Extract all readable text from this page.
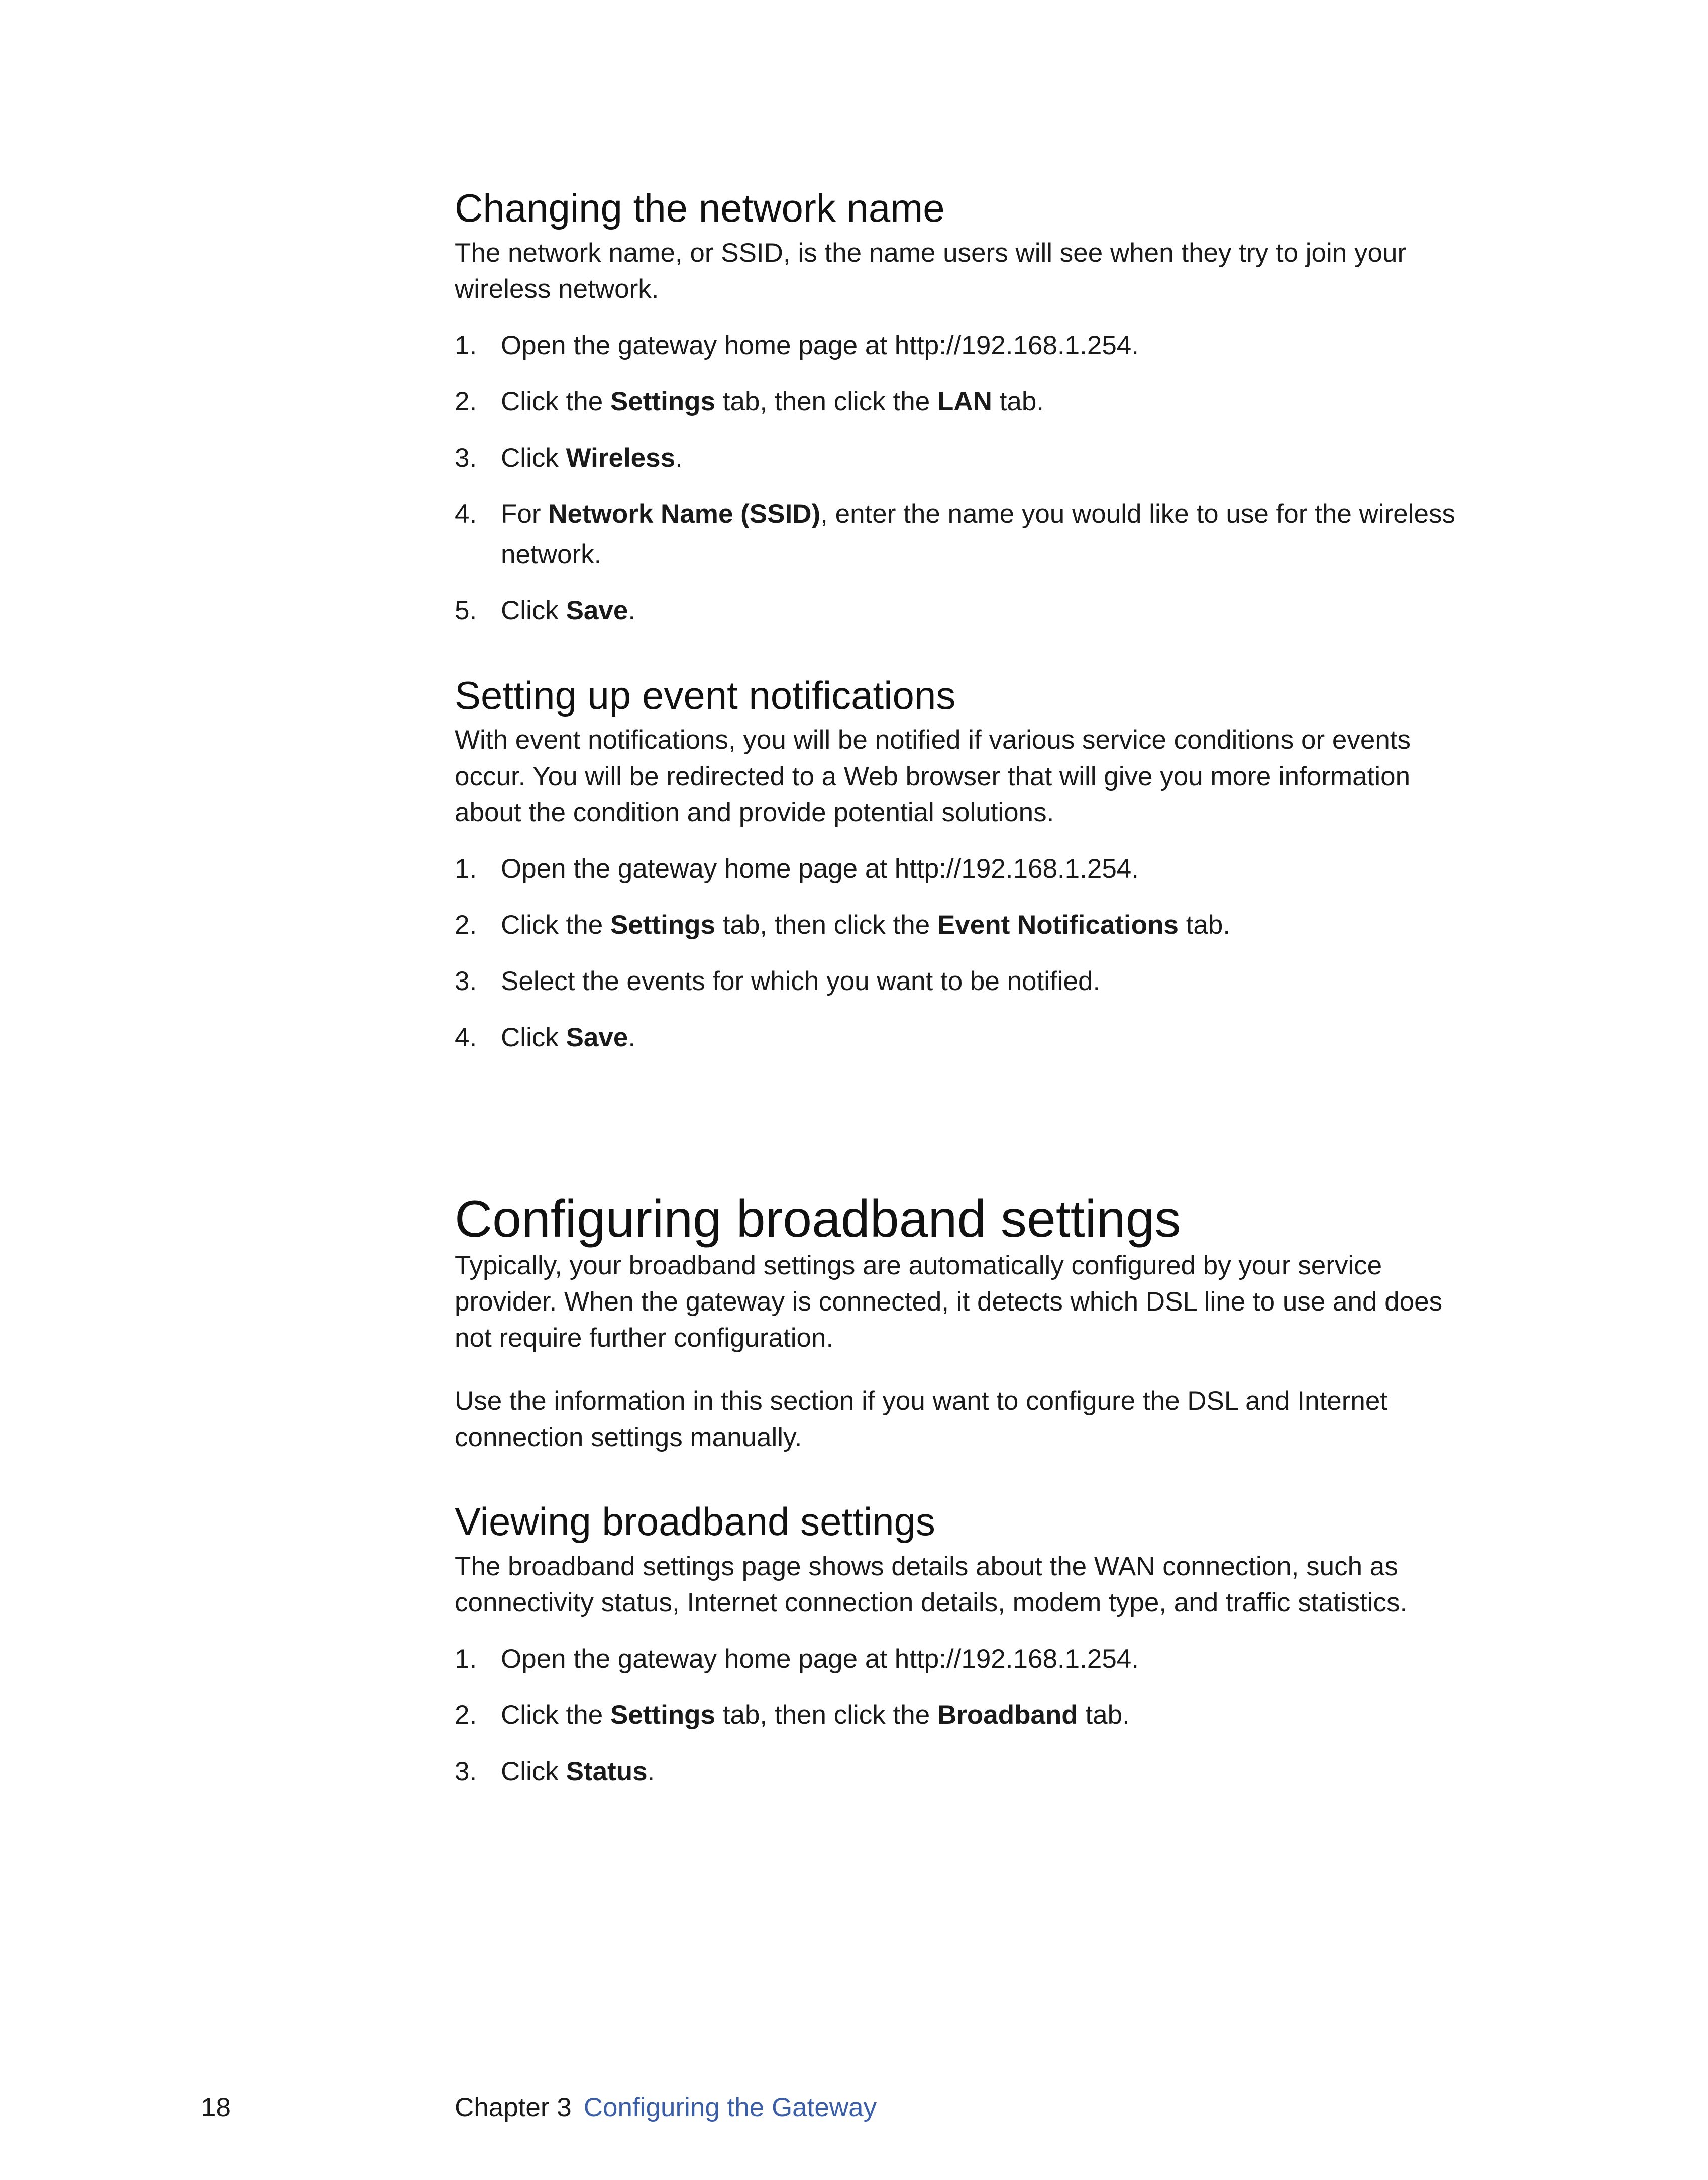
Changing the network name

The network name, or SSID, is the name users will see when they try to join your
wireless network.

1. Open the gateway home page at http://192.168.1.254.
2. Click the Settings tab, then click the LAN tab.
3. Click Wireless.
4. For Network Name (SSID), enter the name you would like to use for the wireless network.
5. Click Save.
Setting up event notifications

With event notifications, you will be notified if various service conditions or events
occur. You will be redirected to a Web browser that will give you more information
about the condition and provide potential solutions.

1. Open the gateway home page at http://192.168.1.254.
2. Click the Settings tab, then click the Event Notifications tab.
3. Select the events for which you want to be notified.
4. Click Save.
Configuring broadband settings

Typically, your broadband settings are automatically configured by your service
provider. When the gateway is connected, it detects which DSL line to use and does
not require further configuration.

Use the information in this section if you want to configure the DSL and Internet
connection settings manually.

Viewing broadband settings

The broadband settings page shows details about the WAN connection, such as
connectivity status, Internet connection details, modem type, and traffic statistics.

1. Open the gateway home page at http://192.168.1.254.
2. Click the Settings tab, then click the Broadband tab.
3. Click Status.
18	Chapter 3 Configuring the Gateway
